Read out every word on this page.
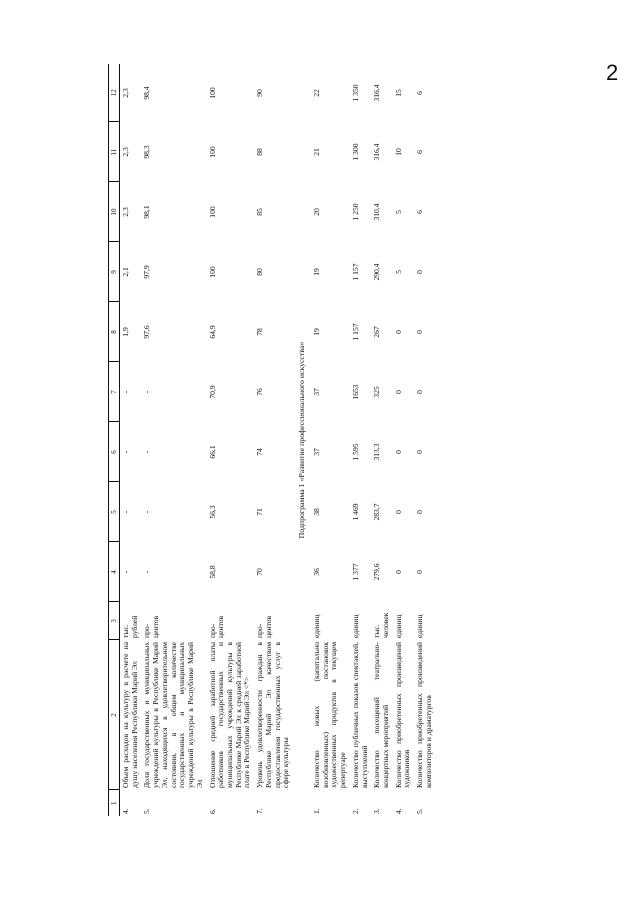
2
1	2	3	4	5	6	7	8	9	10	11	12
4.	Объем расходов на культуру в расчете на душу населения Республики Марий Эл	тыс. рублей	-	-	-	-	1,9	2,1	2,3	2,3	2,3
5.	Доля государственных и муниципальных учреждений культуры в Республике Марий Эл, находящихся в удовлетворительном состоянии, в общем количестве государственных и муниципальных учреждений культуры в Республике Марий Эл	про-центов	-	-	-	-	97,6	97,9	98,1	98,3	98,4
6.	Отношение средней заработной платы работников государственных и муниципальных учреждений культуры в Республике Марий Эл к средней заработной плате в Республике Марий Эл <*>	про-центов	58,8	56,3	66,1	70,9	64,9	100	100	100	100
7.	Уровень удовлетворенности граждан в Республике Марий Эл качеством предоставления государственных услуг в сфере культуры	про-центов	70	71	74	76	78	80	85	88	90
Подпрограмма 1 «Развитие профессионального искусства»											
1.	Количество новых (капитально возобновленных) постановок художественных продуктов в текущем репертуаре	единиц	36	38	37	37	19	19	20	21	22
2.	Количество публичных показов спектаклей, выступлений	единиц	1 377	1 469	1 595	1653	1 157	1 157	1 250	1 300	1 350
3.	Количество посещений театрально-концертных мероприятий	тыс. человек	279,6	283,7	313,3	325	267	290,4	310,4	316,4	316,4
4.	Количество приобретенных произведений художников	единиц	0	0	0	0	0	5	5	10	15
5.	Количество приобретенных произведений композиторов и драматургов	единиц	0	0	0	0	0	0	6	6	6
